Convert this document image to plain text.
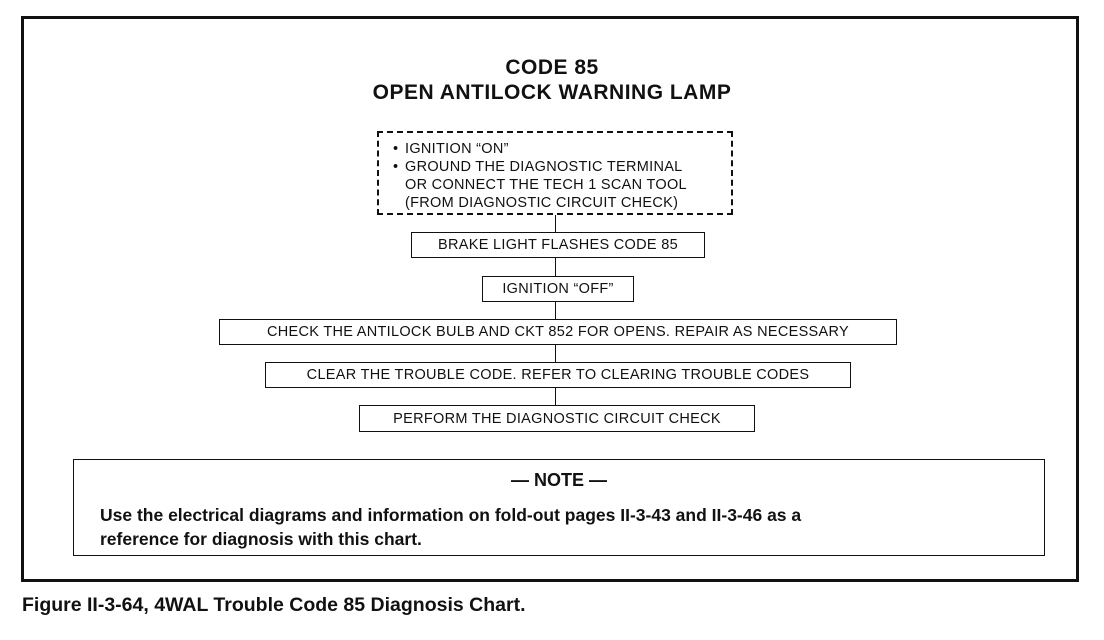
CODE 85
OPEN ANTILOCK WARNING LAMP
• IGNITION “ON”
• GROUND THE DIAGNOSTIC TERMINAL
OR CONNECT THE TECH 1 SCAN TOOL
(FROM DIAGNOSTIC CIRCUIT CHECK)
BRAKE LIGHT FLASHES CODE 85
IGNITION “OFF”
CHECK THE ANTILOCK BULB AND CKT 852 FOR OPENS. REPAIR AS NECESSARY
CLEAR THE TROUBLE CODE. REFER TO CLEARING TROUBLE CODES
PERFORM THE DIAGNOSTIC CIRCUIT CHECK
— NOTE —
Use the electrical diagrams and information on fold-out pages II-3-43 and II-3-46 as a
reference for diagnosis with this chart.
Figure II-3-64, 4WAL Trouble Code 85 Diagnosis Chart.
